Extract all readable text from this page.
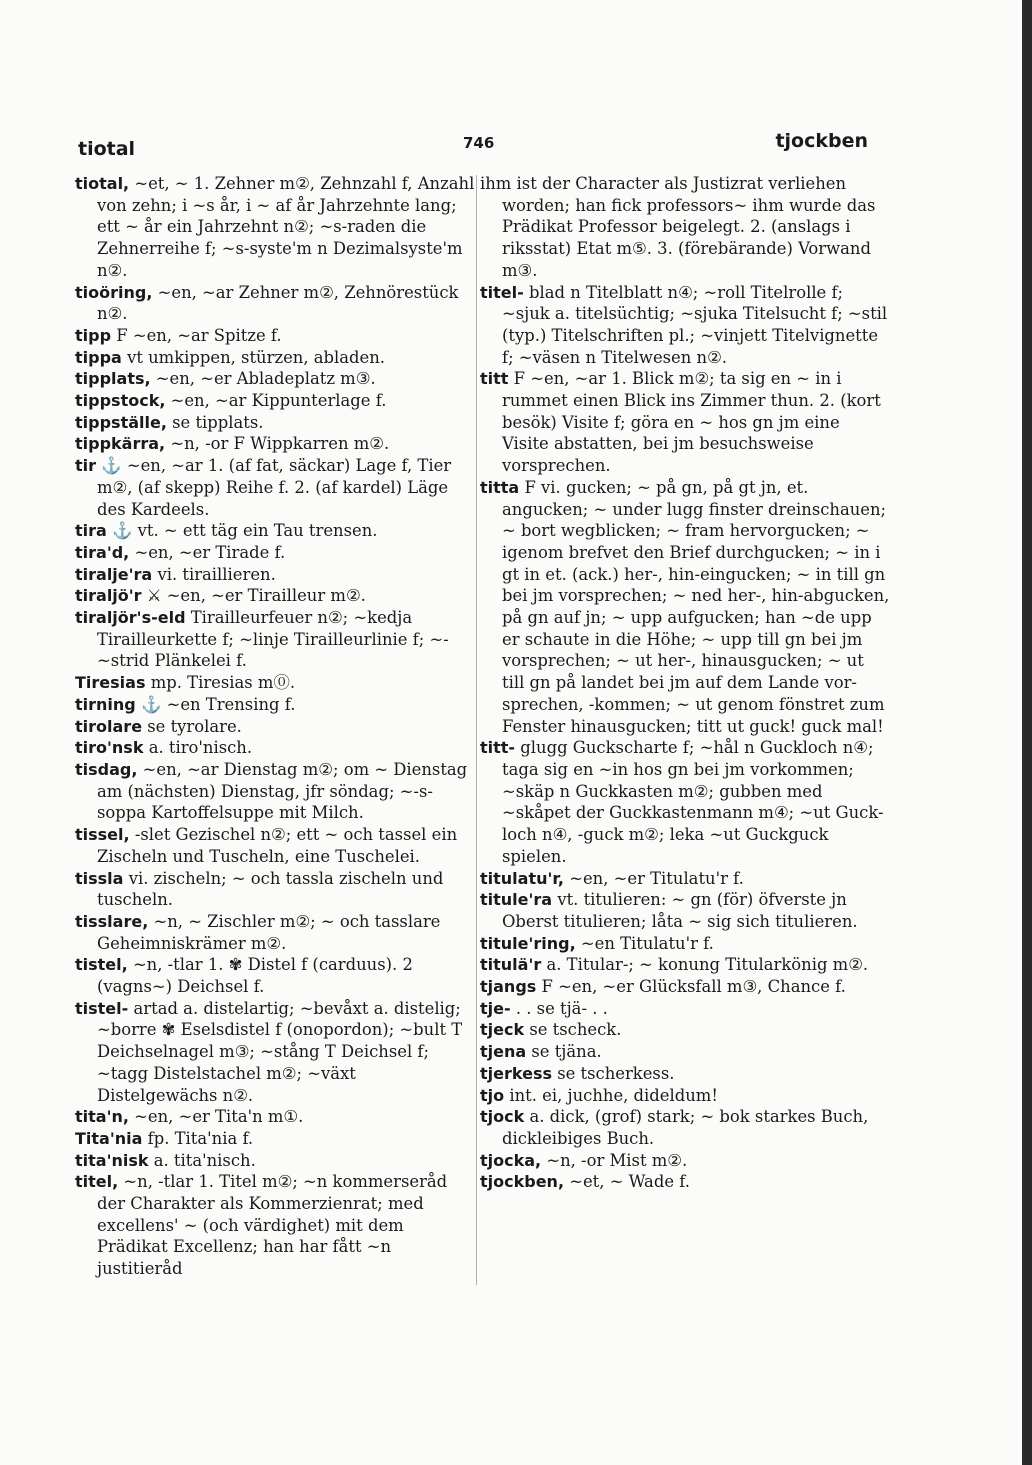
tiotal	746	tjockben

tiotal, ~et, ~ 1. Zehner m②, Zehnzahl f, Anzahl von zehn; i ~s år, i ~ af år Jahrzehnte lang; ett ~ år ein Jahrzehnt n②; ~s-raden die Zehnerreihe f; ~s-syste'm n Dezimalsyste'm n②.

tioöring, ~en, ~ar Zehner m②, Zehnörestück n②.

tipp F ~en, ~ar Spitze f.

tippa vt umkippen, stürzen, abladen.

tipplats, ~en, ~er Abladeplatz m③.

tippstock, ~en, ~ar Kippunterlage f.

tippställe, se tipplats.

tippkärra, ~n, -or F Wippkarren m②.

tir ⚓ ~en, ~ar 1. (af fat, säckar) Lage f, Tier m②, (af skepp) Reihe f. 2. (af kardel) Läge des Kardeels.

tira ⚓ vt. ~ ett täg ein Tau trensen.

tira'd, ~en, ~er Tirade f.

tiralje'ra vi. tiraillieren.

tiraljö'r ⚔ ~en, ~er Tirailleur m②.

tiraljör's-eld Tirailleurfeuer n②; ~kedja Tirailleurkette f; ~linje Tirailleurlinie f; ~-~strid Plänkelei f.

Tiresias mp. Tiresias m⓪.

tirning ⚓ ~en Trensing f.

tirolare se tyrolare.

tiro'nsk a. tiro'nisch.

tisdag, ~en, ~ar Dienstag m②; om ~ Dienstag am (nächsten) Dienstag, jfr söndag; ~-s-soppa Kartoffelsuppe mit Milch.

tissel, -slet Gezischel n②; ett ~ och tassel ein Zischeln und Tuscheln, eine Tuschelei.

tissla vi. zischeln; ~ och tassla zischeln und tuscheln.

tisslare, ~n, ~ Zischler m②; ~ och tasslare Geheimniskrämer m②.

tistel, ~n, -tlar 1. ✾ Distel f (carduus). 2 (vagns~) Deichsel f.

tistel- artad a. distelartig; ~bevåxt a. distelig; ~borre ✾ Eselsdistel f (onopordon); ~bult T Deichselnagel m③; ~stång T Deichsel f; ~tagg Distelstachel m②; ~växt Distelgewächs n②.

tita'n, ~en, ~er Tita'n m①.

Tita'nia fp. Tita'nia f.

tita'nisk a. tita'nisch.

titel, ~n, -tlar 1. Titel m②; ~n kommerseråd der Charakter als Kommerzienrat; med excellens' ~ (och värdighet) mit dem Prädikat Excellenz; han har fått ~n justitieråd

ihm ist der Character als Justizrat verliehen worden; han fick professors~ ihm wurde das Prädikat Professor beigelegt. 2. (anslags i riksstat) Etat m⑤. 3. (förebärande) Vorwand m③.

titel- blad n Titelblatt n④; ~roll Titelrolle f; ~sjuk a. titelsüchtig; ~sjuka Titelsucht f; ~stil (typ.) Titelschriften pl.; ~vinjett Titelvignette f; ~väsen n Titelwesen n②.

titt F ~en, ~ar 1. Blick m②; ta sig en ~ in i rummet einen Blick ins Zimmer thun. 2. (kort besök) Visite f; göra en ~ hos gn jm eine Visite abstatten, bei jm besuchsweise vorsprechen.

titta F vi. gucken; ~ på gn, på gt jn, et. angucken; ~ under lugg finster dreinschauen; ~ bort wegblicken; ~ fram hervorgucken; ~ igenom brefvet den Brief durchgucken; ~ in i gt in et. (ack.) her-, hin-eingucken; ~ in till gn bei jm vorsprechen; ~ ned her-, hin-abgucken, på gn auf jn; ~ upp aufgucken; han ~de upp er schaute in die Höhe; ~ upp till gn bei jm vorsprechen; ~ ut her-, hinausgucken; ~ ut till gn på landet bei jm auf dem Lande vor-sprechen, -kommen; ~ ut genom fönstret zum Fenster hinausgucken; titt ut guck! guck mal!

titt- glugg Guckscharte f; ~hål n Guckloch n④; taga sig en ~in hos gn bei jm vorkommen; ~skäp n Guckkasten m②; gubben med ~skåpet der Guckkastenmann m④; ~ut Guck-loch n④, -guck m②; leka ~ut Guckguck spielen.

titulatu'r, ~en, ~er Titulatu'r f.

titule'ra vt. titulieren: ~ gn (för) öfverste jn Oberst titulieren; låta ~ sig sich titulieren.

titule'ring, ~en Titulatu'r f.

titulä'r a. Titular-; ~ konung Titularkönig m②.

tjangs F ~en, ~er Glücksfall m③, Chance f.

tje- . . se tjä- . .

tjeck se tscheck.

tjena se tjäna.

tjerkess se tscherkess.

tjo int. ei, juchhe, dideldum!

tjock a. dick, (grof) stark; ~ bok starkes Buch, dickleibiges Buch.

tjocka, ~n, -or Mist m②.

tjockben, ~et, ~ Wade f.
